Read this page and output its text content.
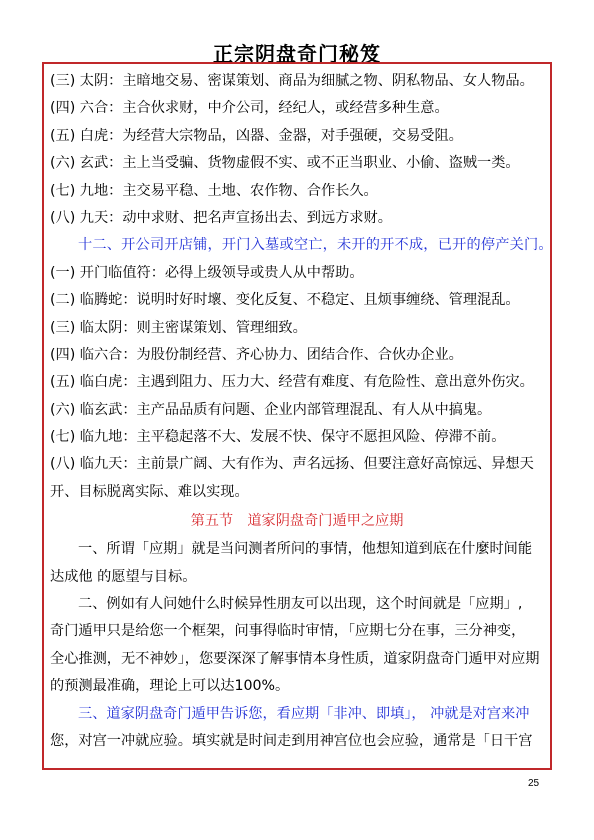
正宗阴盘奇门秘笈
(三) 太阴：主暗地交易、密谋策划、商品为细腻之物、阴私物品、女人物品。
(四) 六合：主合伙求财，中介公司，经纪人，或经营多种生意。
(五) 白虎：为经营大宗物品，凶器、金器，对手强硬，交易受阻。
(六) 玄武：主上当受骗、货物虚假不实、或不正当职业、小偷、盗贼一类。
(七) 九地：主交易平稳、土地、农作物、合作长久。
(八) 九天：动中求财、把名声宣扬出去、到远方求财。
十二、开公司开店铺，开门入墓或空亡，未开的开不成，已开的停产关门。
(一) 开门临值符：必得上级领导或贵人从中帮助。
(二) 临腾蛇：说明时好时壞、变化反复、不稳定、且烦事缠绕、管理混乱。
(三) 临太阴：则主密谋策划、管理细致。
(四) 临六合：为股份制经营、齐心协力、团结合作、合伙办企业。
(五) 临白虎：主遇到阻力、压力大、经营有难度、有危险性、意出意外伤灾。
(六) 临玄武：主产品品质有问题、企业内部管理混乱、有人从中搞鬼。
(七) 临九地：主平稳起落不大、发展不快、保守不愿担风险、停滞不前。
(八) 临九天：主前景广阔、大有作为、声名远扬、但要注意好高惊远、异想天
开、目标脱离实际、难以实现。
第五节　道家阴盘奇门遁甲之应期
一、所谓「应期」就是当问测者所问的事情，他想知道到底在什麼时间能
达成他 的愿望与目标。
二、例如有人问她什么时候异性朋友可以出现，这个时间就是「应期」,
奇门遁甲只是给您一个框架，问事得临时审情，「应期七分在事，三分神变，
全心推测，无不神妙」，您要深深了解事情本身性质，道家阴盘奇门遁甲对应期
的预测最准确，理论上可以达100%。
三、道家阴盘奇门遁甲告诉您，看应期「非冲、即填」， 冲就是对宫来冲
您，对宫一冲就应验。填实就是时间走到用神宫位也会应验，通常是「日干宫
25
